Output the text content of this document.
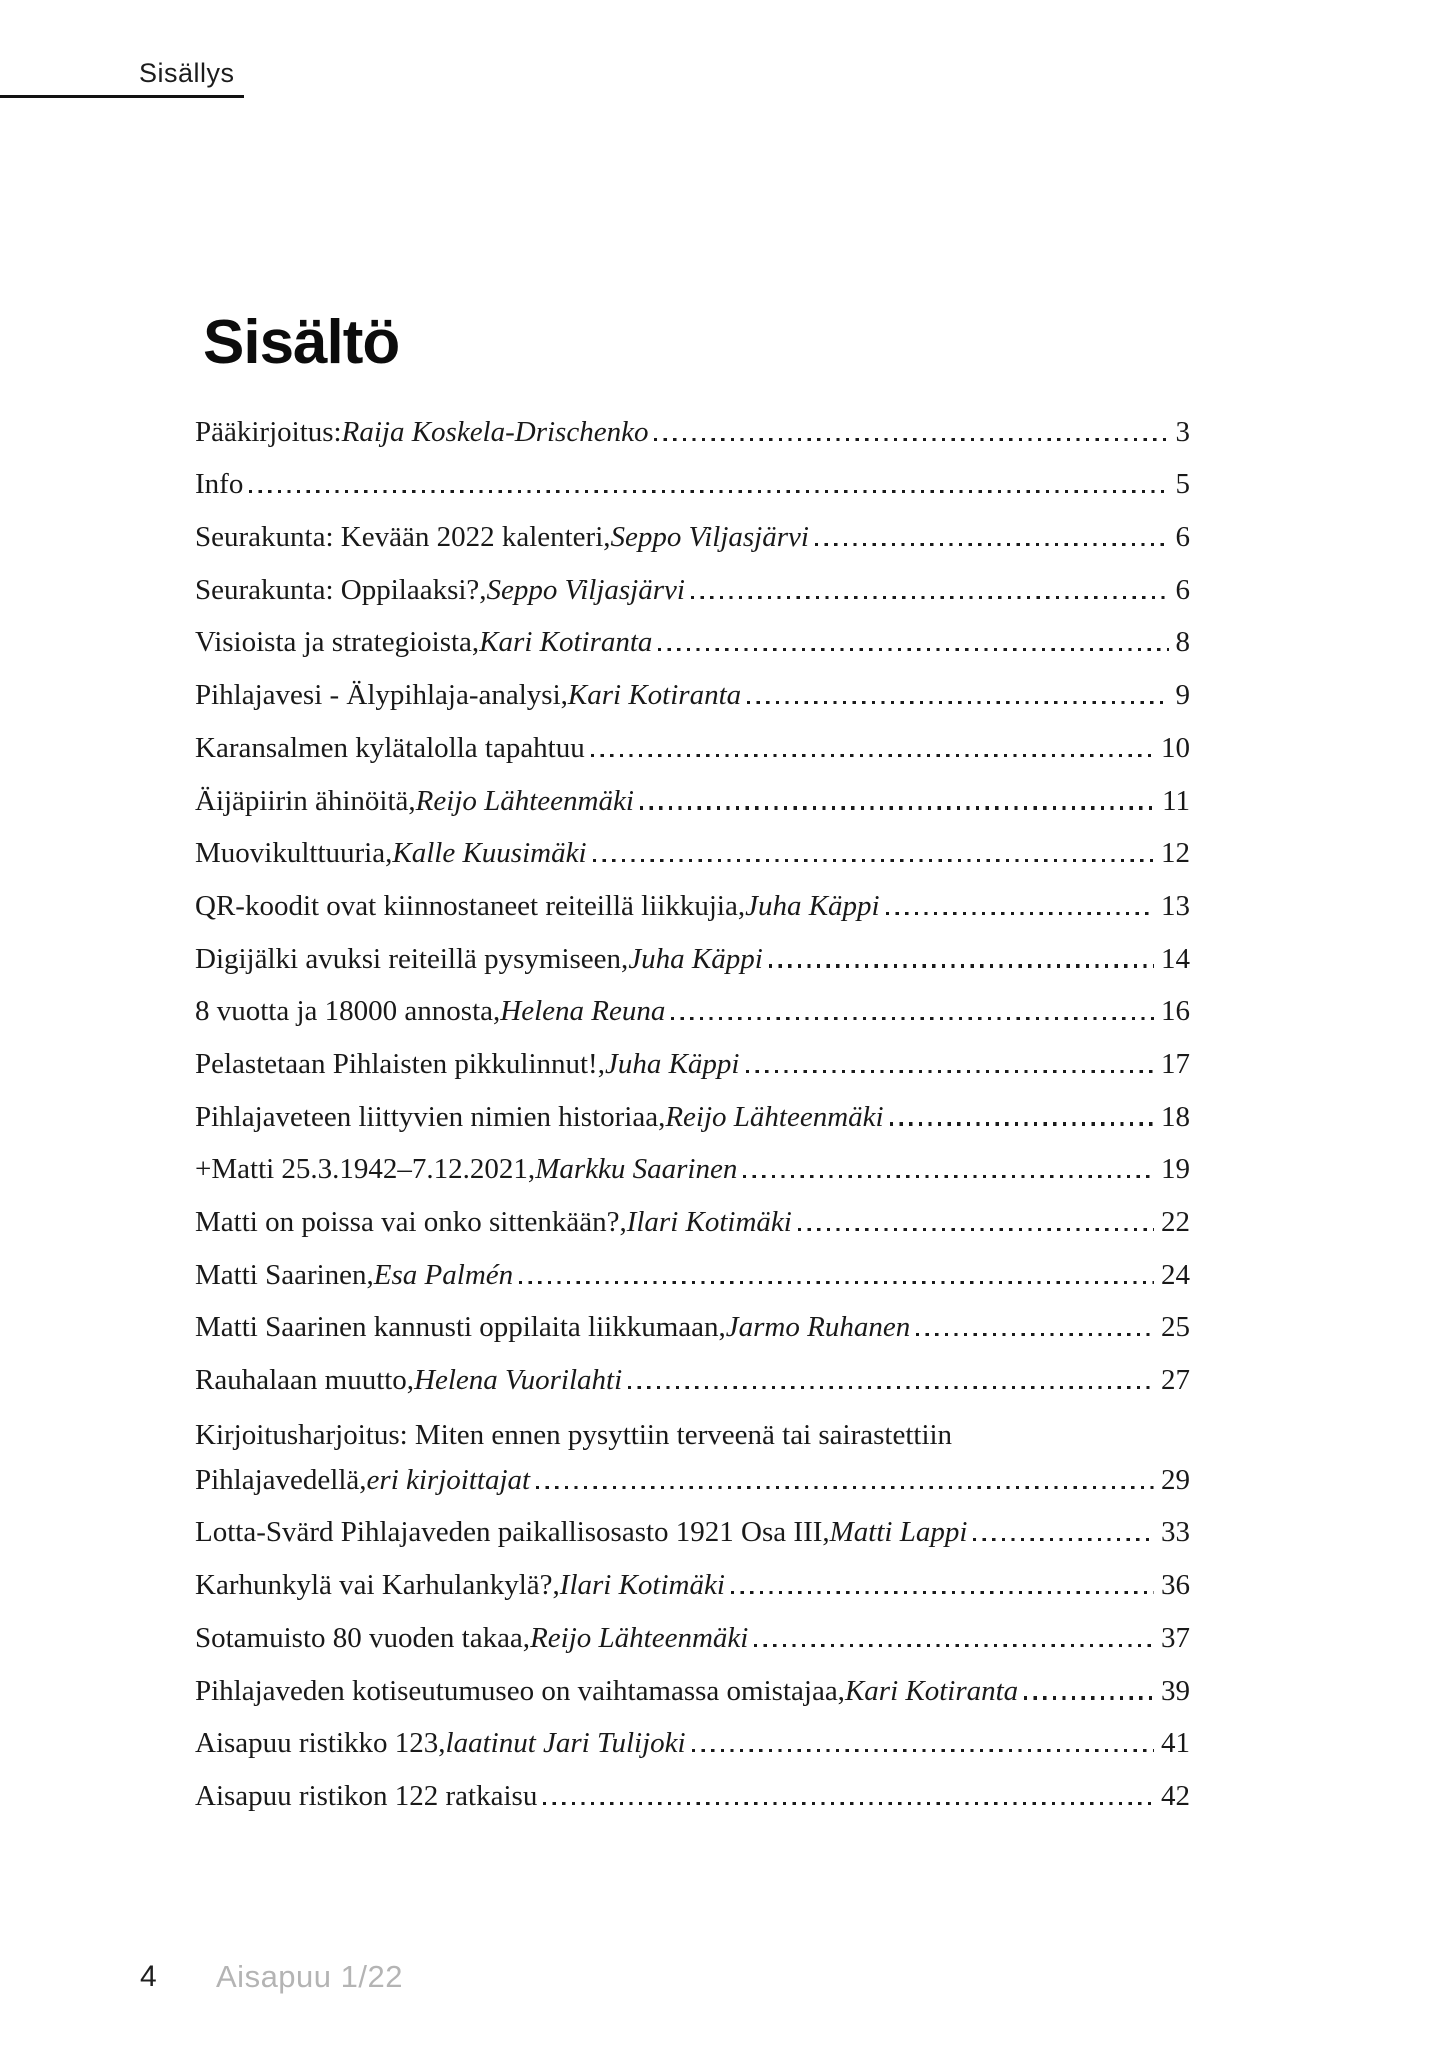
Sisällys
Sisältö
Pääkirjoitus: Raija Koskela-Drischenko	3
Info	5
Seurakunta: Kevään 2022 kalenteri, Seppo Viljasjärvi	6
Seurakunta: Oppilaaksi?, Seppo Viljasjärvi	6
Visioista ja strategioista, Kari Kotiranta	8
Pihlajavesi - Älypihlaja-analysi, Kari Kotiranta	9
Karansalmen kylätalolla tapahtuu	10
Äijäpiirin ähinöitä, Reijo Lähteenmäki	11
Muovikulttuuria, Kalle Kuusimäki	12
QR-koodit ovat kiinnostaneet reiteillä liikkujia, Juha Käppi	13
Digijälki avuksi reiteillä pysymiseen, Juha Käppi	14
8 vuotta ja 18000 annosta, Helena Reuna	16
Pelastetaan Pihlaisten pikkulinnut!, Juha Käppi	17
Pihlajaveteen liittyvien nimien historiaa, Reijo Lähteenmäki	18
+Matti 25.3.1942–7.12.2021, Markku Saarinen	19
Matti on poissa vai onko sittenkään?, Ilari Kotimäki	22
Matti Saarinen, Esa Palmén	24
Matti Saarinen kannusti oppilaita liikkumaan, Jarmo Ruhanen	25
Rauhalaan muutto, Helena Vuorilahti	27
Kirjoitusharjoitus: Miten ennen pysyttiin terveenä tai sairastettiin
Pihlajavedellä, eri kirjoittajat	29
Lotta-Svärd Pihlajaveden paikallisosasto 1921 Osa III, Matti Lappi	33
Karhunkylä vai Karhulankylä?, Ilari Kotimäki	36
Sotamuisto 80 vuoden takaa, Reijo Lähteenmäki	37
Pihlajaveden kotiseutumuseo on vaihtamassa omistajaa, Kari Kotiranta	39
Aisapuu ristikko 123, laatinut Jari Tulijoki	41
Aisapuu ristikon 122 ratkaisu	42
4 Aisapuu 1/22
